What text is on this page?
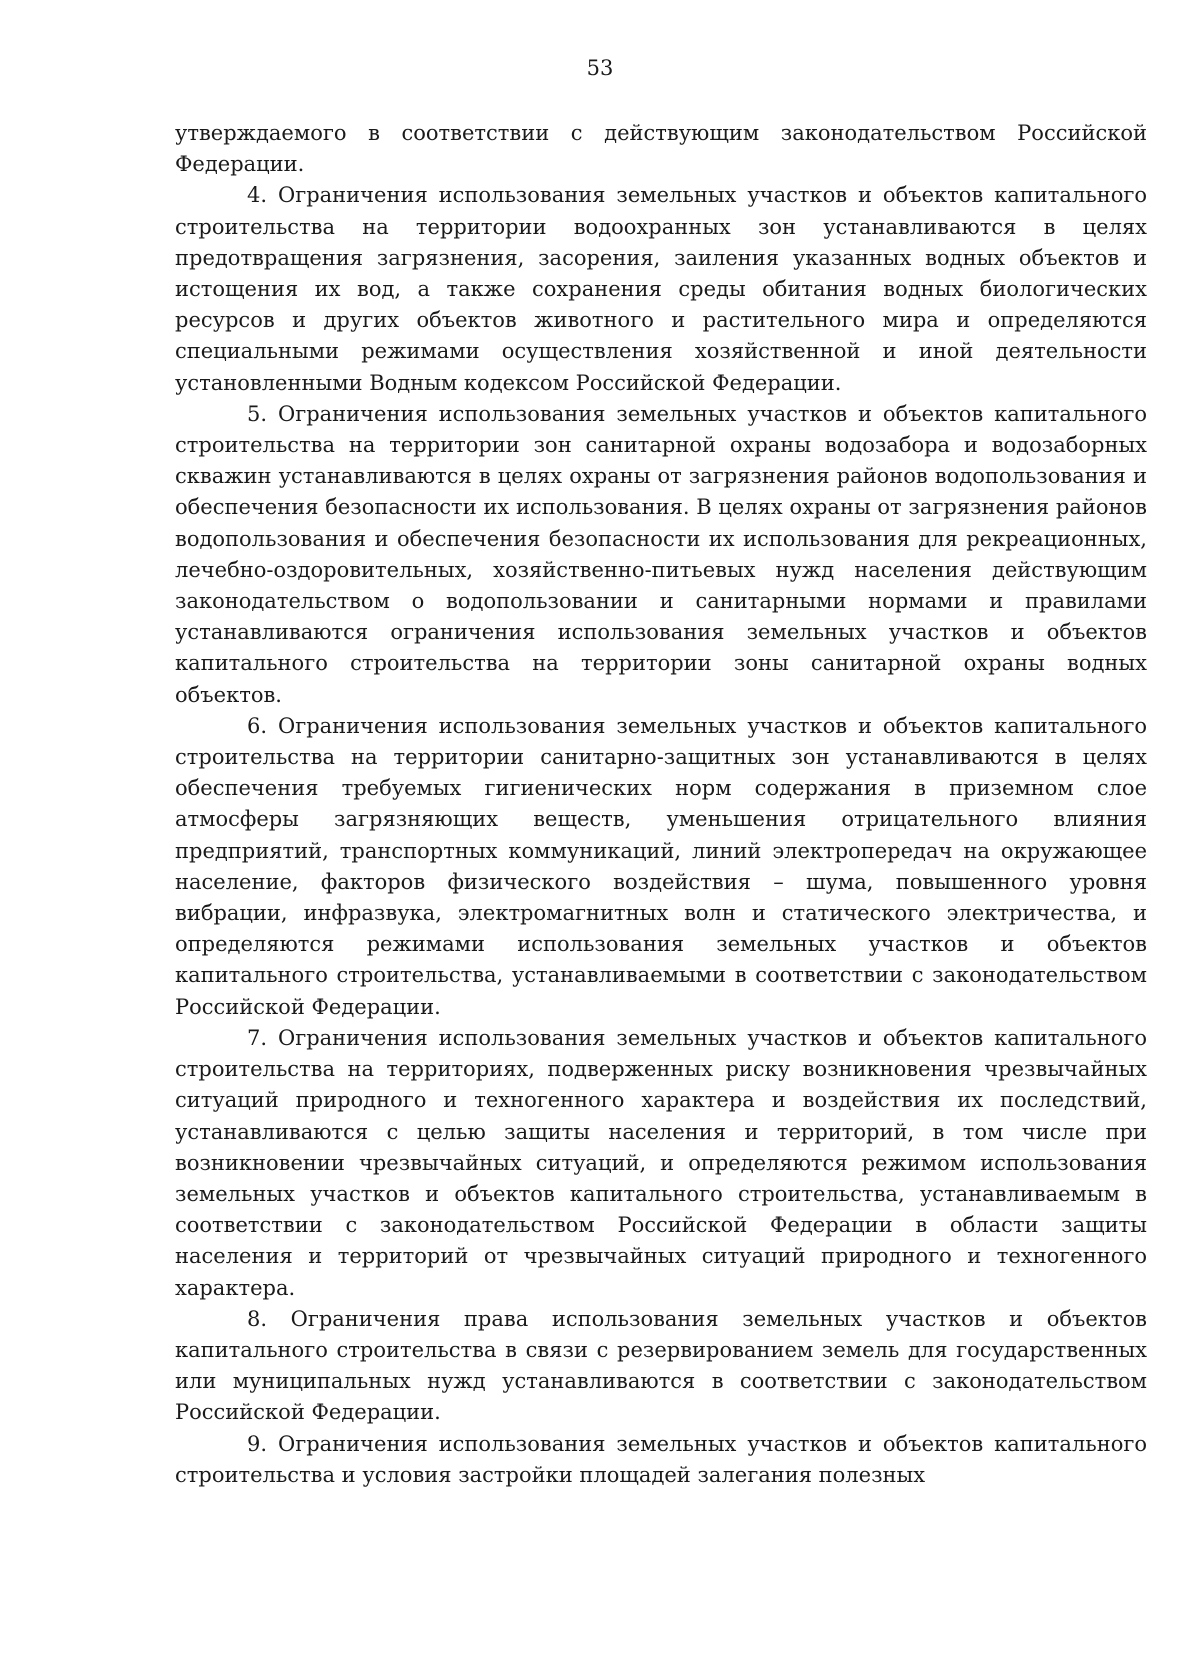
53

утверждаемого в соответствии с действующим законодательством Российской Федерации.

4. Ограничения использования земельных участков и объектов капитального строительства на территории водоохранных зон устанавливаются в целях предотвращения загрязнения, засорения, заиления указанных водных объектов и истощения их вод, а также сохранения среды обитания водных биологических ресурсов и других объектов животного и растительного мира и определяются специальными режимами осуществления хозяйственной и иной деятельности установленными Водным кодексом Российской Федерации.

5. Ограничения использования земельных участков и объектов капитального строительства на территории зон санитарной охраны водозабора и водозаборных скважин устанавливаются в целях охраны от загрязнения районов водопользования и обеспечения безопасности их использования. В целях охраны от загрязнения районов водопользования и обеспечения безопасности их использования для рекреационных, лечебно-оздоровительных, хозяйственно-питьевых нужд населения действующим законодательством о водопользовании и санитарными нормами и правилами устанавливаются ограничения использования земельных участков и объектов капитального строительства на территории зоны санитарной охраны водных объектов.

6. Ограничения использования земельных участков и объектов капитального строительства на территории санитарно-защитных зон устанавливаются в целях обеспечения требуемых гигиенических норм содержания в приземном слое атмосферы загрязняющих веществ, уменьшения отрицательного влияния предприятий, транспортных коммуникаций, линий электропередач на окружающее население, факторов физического воздействия – шума, повышенного уровня вибрации, инфразвука, электромагнитных волн и статического электричества, и определяются режимами использования земельных участков и объектов капитального строительства, устанавливаемыми в соответствии с законодательством Российской Федерации.

7. Ограничения использования земельных участков и объектов капитального строительства на территориях, подверженных риску возникновения чрезвычайных ситуаций природного и техногенного характера и воздействия их последствий, устанавливаются с целью защиты населения и территорий, в том числе при возникновении чрезвычайных ситуаций, и определяются режимом использования земельных участков и объектов капитального строительства, устанавливаемым в соответствии с законодательством Российской Федерации в области защиты населения и территорий от чрезвычайных ситуаций природного и техногенного характера.

8. Ограничения права использования земельных участков и объектов капитального строительства в связи с резервированием земель для государственных или муниципальных нужд устанавливаются в соответствии с законодательством Российской Федерации.

9. Ограничения использования земельных участков и объектов капитального строительства и условия застройки площадей залегания полезных
